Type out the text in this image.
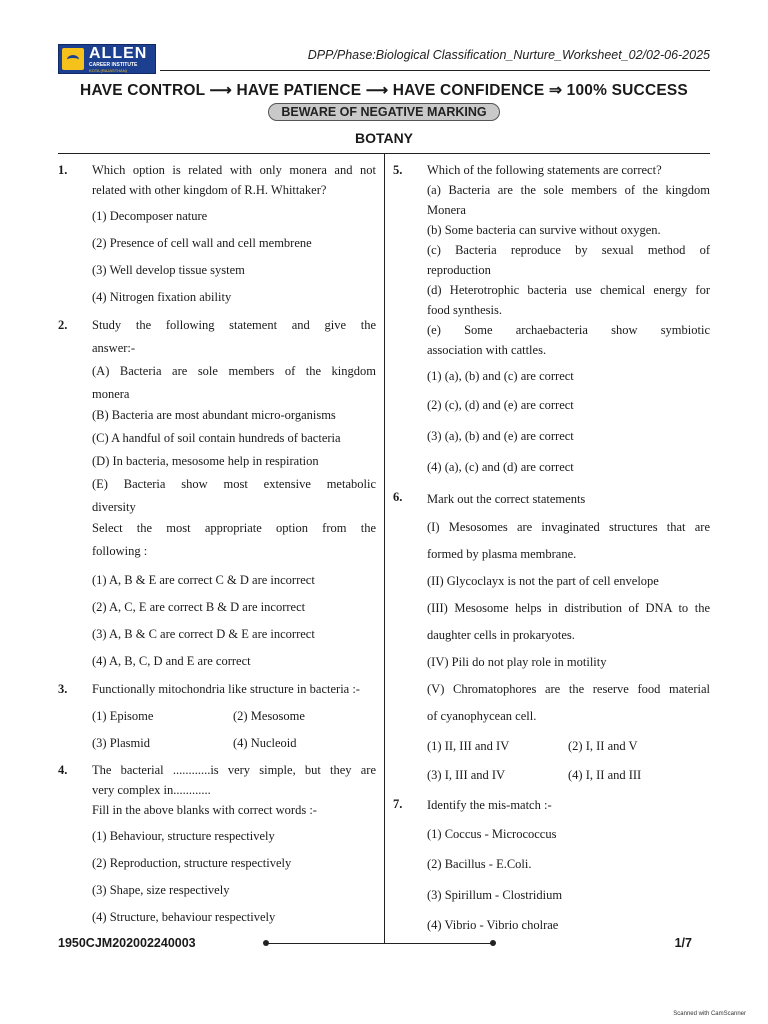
ALLEN
CAREER INSTITUTE
KOTA (RAJASTHAN)
DPP/Phase:Biological Classification_Nurture_Worksheet_02/02-06-2025
HAVE CONTROL ⟶ HAVE PATIENCE ⟶ HAVE CONFIDENCE ⇒ 100% SUCCESS
BEWARE OF NEGATIVE MARKING
BOTANY
1. Which option is related with only monera and not
related with other kingdom of R.H. Whittaker?
(1) Decomposer nature
(2) Presence of cell wall and cell membrene
(3) Well develop tissue system
(4) Nitrogen fixation ability
2. Study the following statement and give the
answer:-
(A) Bacteria are sole members of the kingdom
monera
(B) Bacteria are most abundant micro-organisms
(C) A handful of soil contain hundreds of bacteria
(D) In bacteria, mesosome help in respiration
(E) Bacteria show most extensive metabolic
diversity
Select the most appropriate option from the
following :
(1) A, B & E are correct C & D are incorrect
(2) A, C, E are correct B & D are incorrect
(3) A, B & C are correct D & E are incorrect
(4) A, B, C, D and E are correct
3. Functionally mitochondria like structure in bacteria :-
(1) Episome	(2) Mesosome
(3) Plasmid	(4) Nucleoid
4. The bacterial ............is very simple, but they are
very complex in............
Fill in the above blanks with correct words :-
(1) Behaviour, structure respectively
(2) Reproduction, structure respectively
(3) Shape, size respectively
(4) Structure, behaviour respectively
5. Which of the following statements are correct?
(a) Bacteria are the sole members of the kingdom
Monera
(b) Some bacteria can survive without oxygen.
(c) Bacteria reproduce by sexual method of
reproduction
(d) Heterotrophic bacteria use chemical energy for
food synthesis.
(e) Some archaebacteria show symbiotic
association with cattles.
(1) (a), (b) and (c) are correct
(2) (c), (d) and (e) are correct
(3) (a), (b) and (e) are correct
(4) (a), (c) and (d) are correct
6. Mark out the correct statements
(I) Mesosomes are invaginated structures that are
formed by plasma membrane.
(II) Glycoclayx is not the part of cell envelope
(III) Mesosome helps in distribution of DNA to the
daughter cells in prokaryotes.
(IV) Pili do not play role in motility
(V) Chromatophores are the reserve food material
of cyanophycean cell.
(1) II, III and IV	(2) I, II and V
(3) I, III and IV	(4) I, II and III
7. Identify the mis-match :-
(1) Coccus - Micrococcus
(2) Bacillus - E.Coli.
(3) Spirillum - Clostridium
(4) Vibrio - Vibrio cholrae
1950CJM202002240003	1/7
Scanned with CamScanner
